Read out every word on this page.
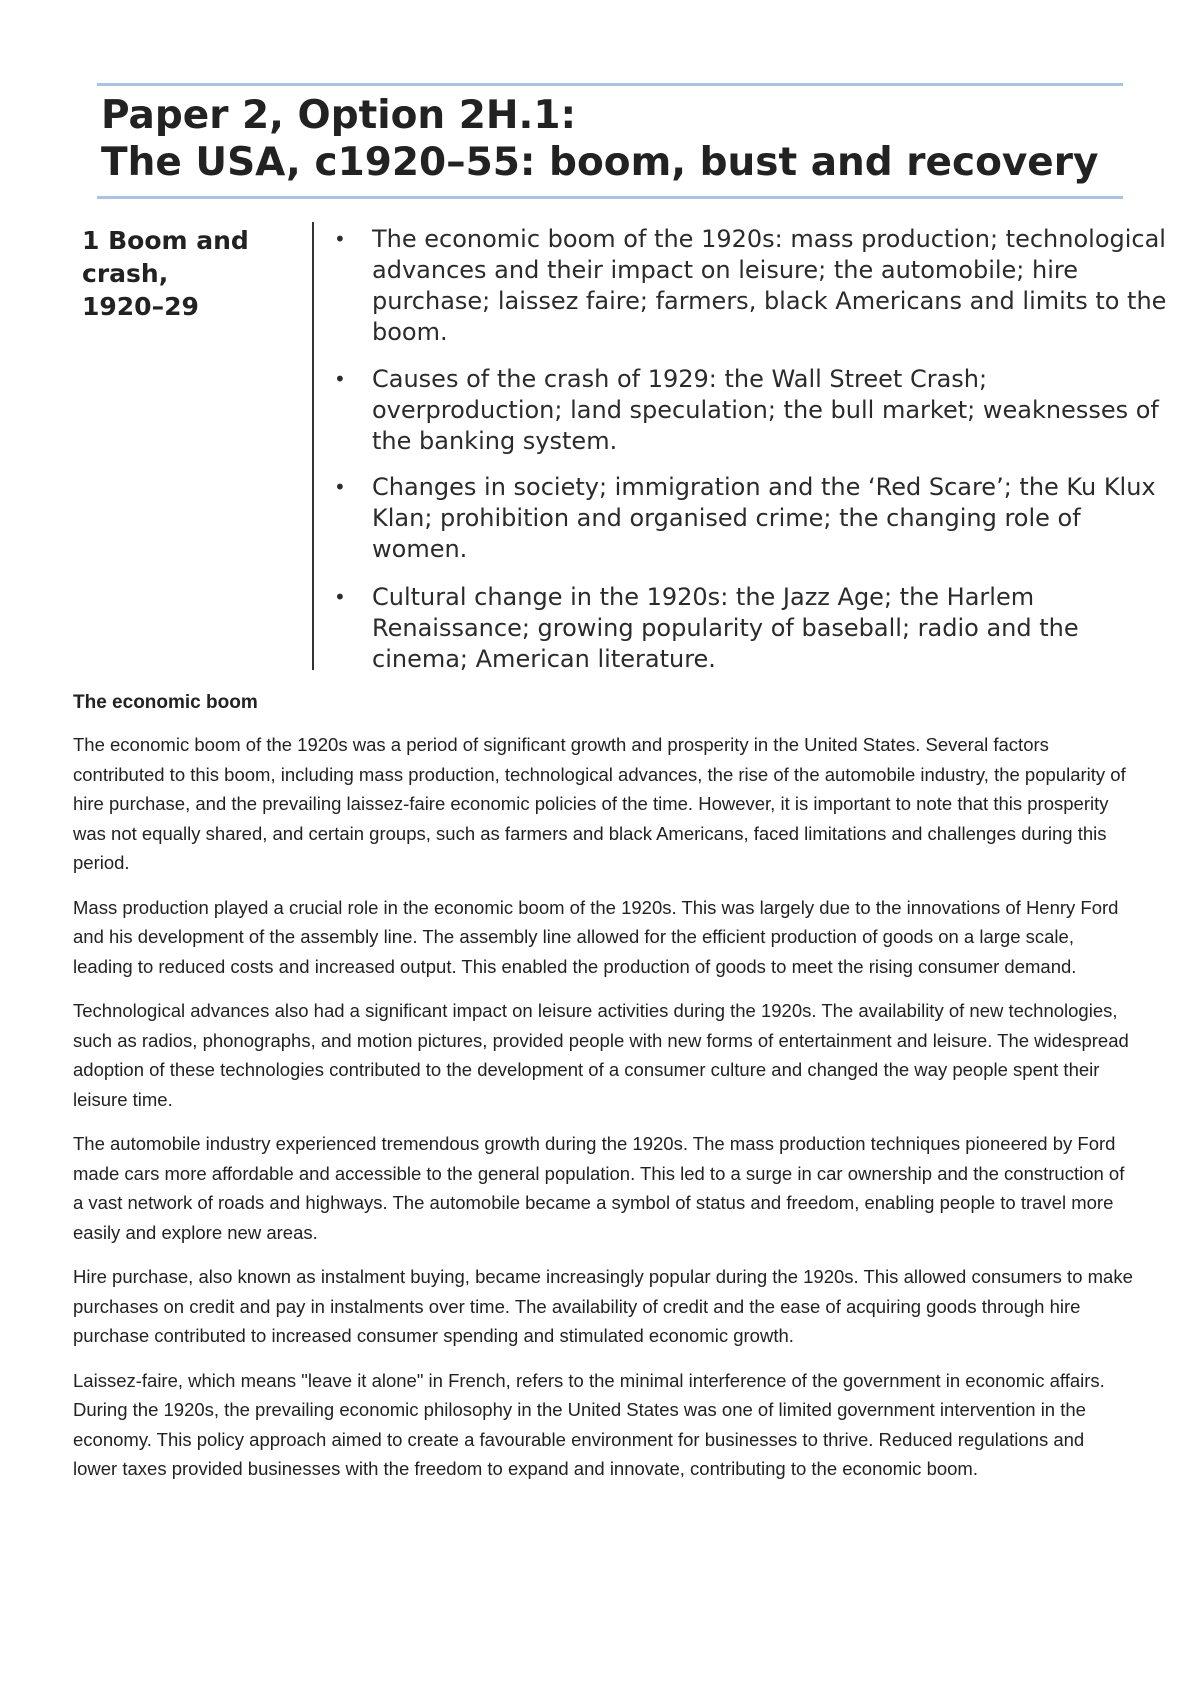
Paper 2, Option 2H.1:
The USA, c1920–55: boom, bust and recovery
1 Boom and
crash,
1920–29
• The economic boom of the 1920s: mass production; technological advances and their impact on leisure; the automobile; hire purchase; laissez faire; farmers, black Americans and limits to the boom.
• Causes of the crash of 1929: the Wall Street Crash; overproduction; land speculation; the bull market; weaknesses of the banking system.
• Changes in society; immigration and the ‘Red Scare’; the Ku Klux Klan; prohibition and organised crime; the changing role of women.
• Cultural change in the 1920s: the Jazz Age; the Harlem Renaissance; growing popularity of baseball; radio and the cinema; American literature.
The economic boom

The economic boom of the 1920s was a period of significant growth and prosperity in the United States. Several factors contributed to this boom, including mass production, technological advances, the rise of the automobile industry, the popularity of hire purchase, and the prevailing laissez-faire economic policies of the time. However, it is important to note that this prosperity was not equally shared, and certain groups, such as farmers and black Americans, faced limitations and challenges during this period.

Mass production played a crucial role in the economic boom of the 1920s. This was largely due to the innovations of Henry Ford and his development of the assembly line. The assembly line allowed for the efficient production of goods on a large scale, leading to reduced costs and increased output. This enabled the production of goods to meet the rising consumer demand.

Technological advances also had a significant impact on leisure activities during the 1920s. The availability of new technologies, such as radios, phonographs, and motion pictures, provided people with new forms of entertainment and leisure. The widespread adoption of these technologies contributed to the development of a consumer culture and changed the way people spent their leisure time.

The automobile industry experienced tremendous growth during the 1920s. The mass production techniques pioneered by Ford made cars more affordable and accessible to the general population. This led to a surge in car ownership and the construction of a vast network of roads and highways. The automobile became a symbol of status and freedom, enabling people to travel more easily and explore new areas.

Hire purchase, also known as instalment buying, became increasingly popular during the 1920s. This allowed consumers to make purchases on credit and pay in instalments over time. The availability of credit and the ease of acquiring goods through hire purchase contributed to increased consumer spending and stimulated economic growth.

Laissez-faire, which means "leave it alone" in French, refers to the minimal interference of the government in economic affairs. During the 1920s, the prevailing economic philosophy in the United States was one of limited government intervention in the economy. This policy approach aimed to create a favourable environment for businesses to thrive. Reduced regulations and lower taxes provided businesses with the freedom to expand and innovate, contributing to the economic boom.
